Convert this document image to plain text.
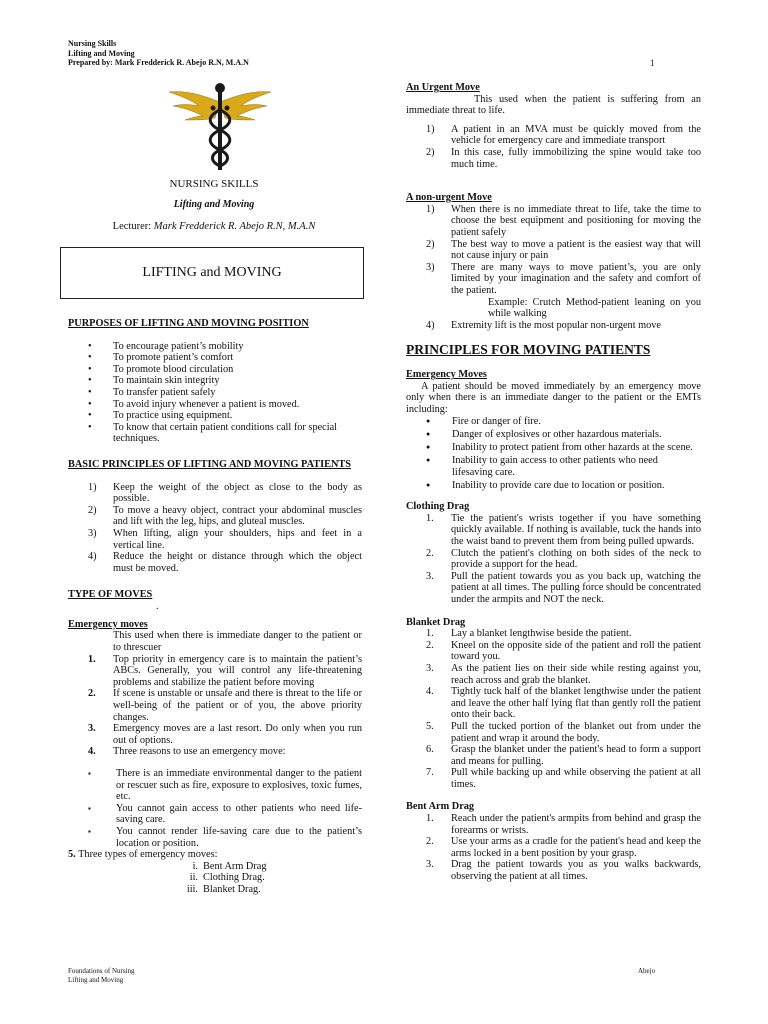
Nursing Skills
Lifting and Moving
Prepared by: Mark Fredderick R. Abejo R.N, M.A.N	1
NURSING SKILLS
Lifting and Moving
Lecturer: Mark Fredderick R. Abejo R.N, M.A.N
LIFTING and MOVING
PURPOSES OF LIFTING AND MOVING POSITION
• To encourage patient’s mobility
• To promote patient’s comfort
• To promote blood circulation
• To maintain skin integrity
• To transfer patient safely
• To avoid injury whenever a patient is moved.
• To practice using equipment.
• To know that certain patient conditions call for special techniques.
BASIC PRINCIPLES OF LIFTING AND MOVING PATIENTS
1) Keep the weight of the object as close to the body as possible.
2) To move a heavy object, contract your abdominal muscles and lift with the leg, hips, and gluteal muscles.
3) When lifting, align your shoulders, hips and feet in a vertical line.
4) Reduce the height or distance through which the object must be moved.
TYPE OF MOVES
.
Emergency moves
This used when there is immediate danger to the patient or to threscuer
1. Top priority in emergency care is to maintain the patient’s ABCs. Generally, you will control any life-threatening problems and stabilize the patient before moving
2. If scene is unstable or unsafe and there is threat to the life or well-being of the patient or of you, the above priority changes.
3. Emergency moves are a last resort. Do only when you run out of options.
4. Three reasons to use an emergency move:
▪ There is an immediate environmental danger to the patient or rescuer such as fire, exposure to explosives, toxic fumes, etc.
▪ You cannot gain access to other patients who need life-saving care.
▪ You cannot render life-saving care due to the patient’s location or position.
5. Three types of emergency moves:
i. Bent Arm Drag
ii. Clothing Drag.
iii. Blanket Drag.
An Urgent Move
This used when the patient is suffering from an immediate threat to life.
1) A patient in an MVA must be quickly moved from the vehicle for emergency care and immediate transport
2) In this case, fully immobilizing the spine would take too much time.
A non-urgent Move
1) When there is no immediate threat to life, take the time to choose the best equipment and positioning for moving the patient safely
2) The best way to move a patient is the easiest way that will not cause injury or pain
3) There are many ways to move patient’s, you are only limited by your imagination and the safety and comfort of the patient.
Example: Crutch Method-patient leaning on you while walking
4) Extremity lift is the most popular non-urgent move
PRINCIPLES FOR MOVING PATIENTS
Emergency Moves
A patient should be moved immediately by an emergency move only when there is an immediate danger to the patient or the EMTs including:
● Fire or danger of fire.
● Danger of explosives or other hazardous materials.
● Inability to protect patient from other hazards at the scene.
● Inability to gain access to other patients who need lifesaving care.
● Inability to provide care due to location or position.
Clothing Drag
1. Tie the patient's wrists together if you have something quickly available. If nothing is available, tuck the hands into the waist band to prevent them from being pulled upwards.
2. Clutch the patient's clothing on both sides of the neck to provide a support for the head.
3. Pull the patient towards you as you back up, watching the patient at all times. The pulling force should be concentrated under the armpits and NOT the neck.
Blanket Drag
1. Lay a blanket lengthwise beside the patient.
2. Kneel on the opposite side of the patient and roll the patient toward you.
3. As the patient lies on their side while resting against you, reach across and grab the blanket.
4. Tightly tuck half of the blanket lengthwise under the patient and leave the other half lying flat than gently roll the patient onto their back.
5. Pull the tucked portion of the blanket out from under the patient and wrap it around the body.
6. Grasp the blanket under the patient's head to form a support and means for pulling.
7. Pull while backing up and while observing the patient at all times.
Bent Arm Drag
1. Reach under the patient's armpits from behind and grasp the forearms or wrists.
2. Use your arms as a cradle for the patient's head and keep the arms locked in a bent position by your grasp.
3. Drag the patient towards you as you walks backwards, observing the patient at all times.
Foundations of Nursing
Lifting and Moving
Abejo
